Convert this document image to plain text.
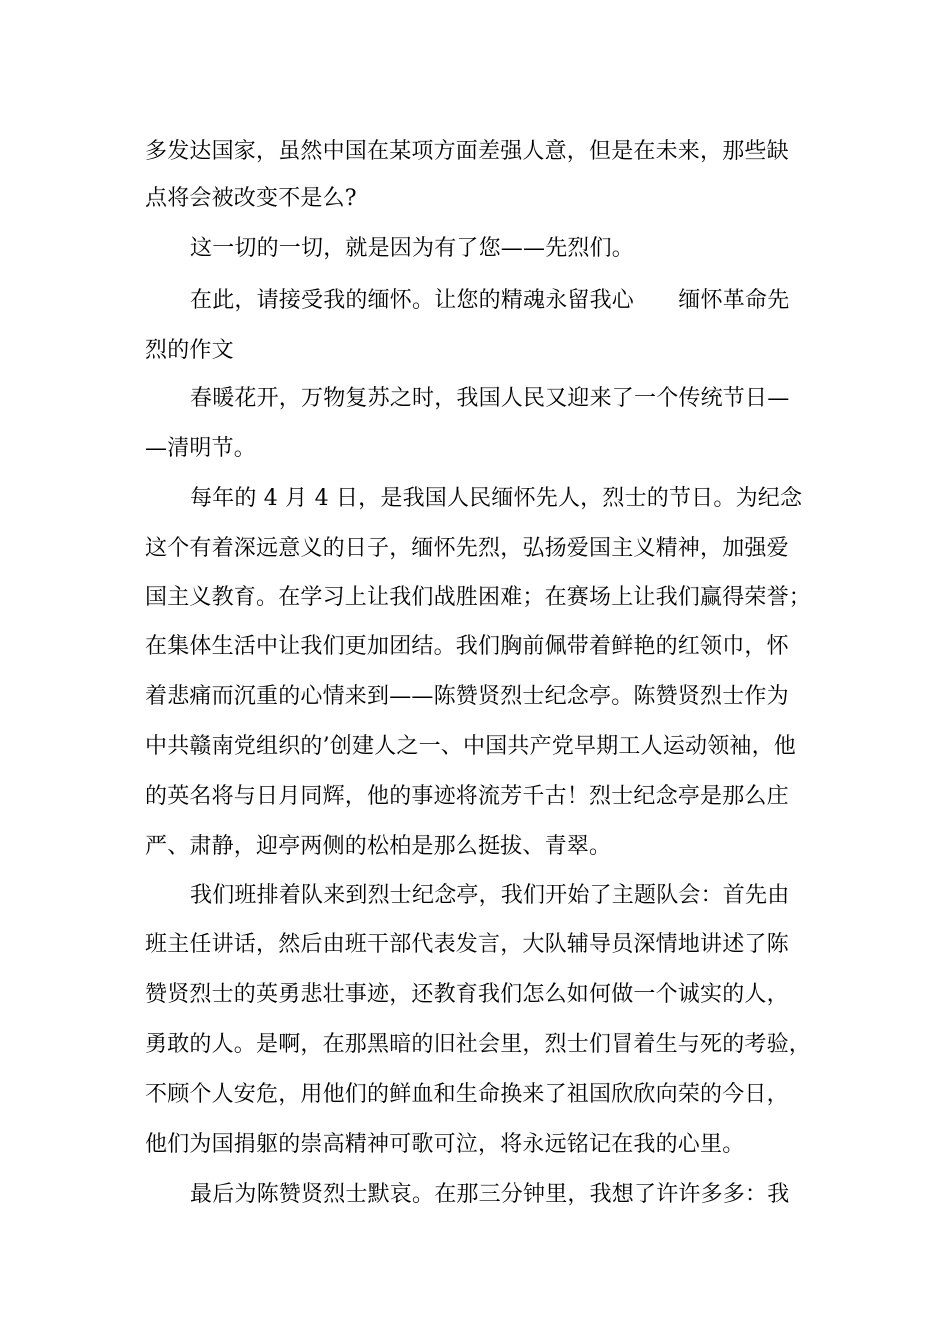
多发达国家，虽然中国在某项方面差强人意，但是在未来，那些缺
点将会被改变不是么?
这一切的一切，就是因为有了您——先烈们。
在此，请接受我的缅怀。让您的精魂永留我心　　缅怀革命先
烈的作文
春暖花开，万物复苏之时，我国人民又迎来了一个传统节日—
—清明节。
每年的 4 月 4 日，是我国人民缅怀先人，烈士的节日。为纪念
这个有着深远意义的日子，缅怀先烈，弘扬爱国主义精神，加强爱
国主义教育。在学习上让我们战胜困难；在赛场上让我们赢得荣誉；
在集体生活中让我们更加团结。我们胸前佩带着鲜艳的红领巾，怀
着悲痛而沉重的心情来到——陈赞贤烈士纪念亭。陈赞贤烈士作为
中共赣南党组织的’创建人之一、中国共产党早期工人运动领袖，他
的英名将与日月同辉，他的事迹将流芳千古！烈士纪念亭是那么庄
严、肃静，迎亭两侧的松柏是那么挺拔、青翠。
我们班排着队来到烈士纪念亭，我们开始了主题队会：首先由
班主任讲话，然后由班干部代表发言，大队辅导员深情地讲述了陈
赞贤烈士的英勇悲壮事迹，还教育我们怎么如何做一个诚实的人，
勇敢的人。是啊，在那黑暗的旧社会里，烈士们冒着生与死的考验，
不顾个人安危，用他们的鲜血和生命换来了祖国欣欣向荣的今日，
他们为国捐躯的崇高精神可歌可泣，将永远铭记在我的心里。
最后为陈赞贤烈士默哀。在那三分钟里，我想了许许多多：我
